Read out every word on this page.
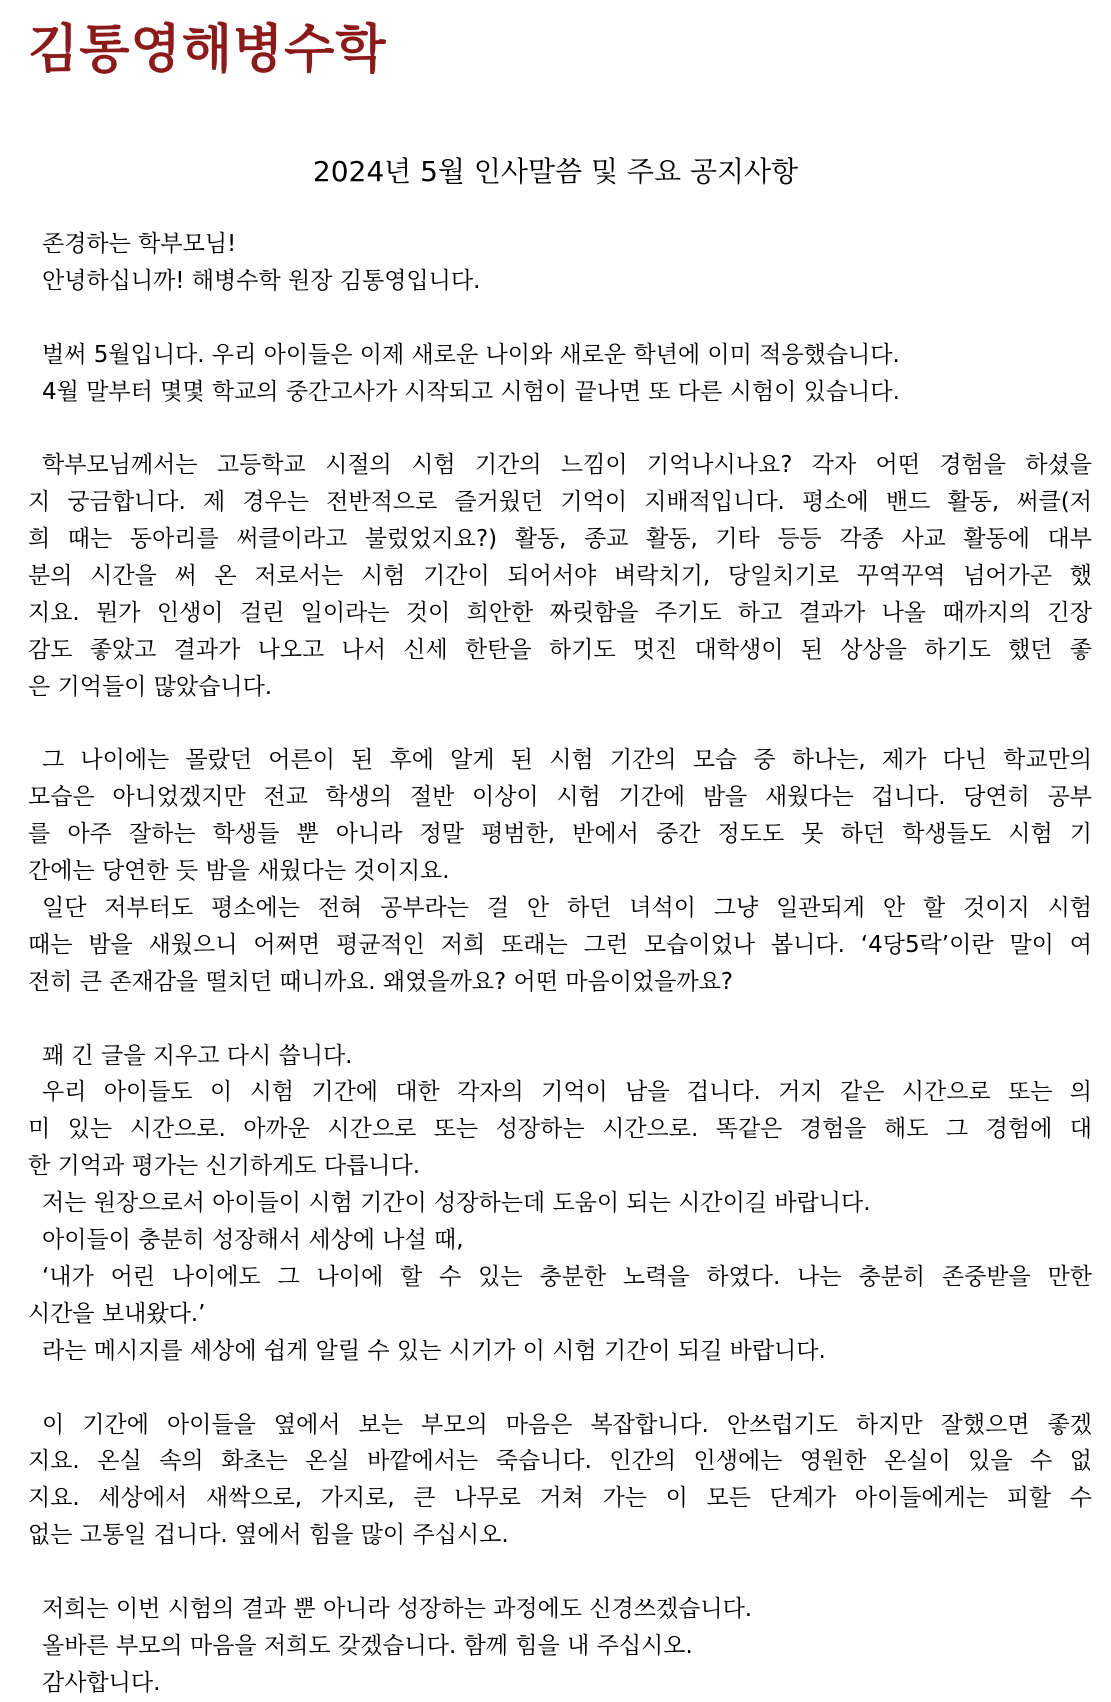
김통영해병수학
2024년 5월 인사말씀 및 주요 공지사항
존경하는 학부모님!
안녕하십니까! 해병수학 원장 김통영입니다.
벌써 5월입니다. 우리 아이들은 이제 새로운 나이와 새로운 학년에 이미 적응했습니다.
4월 말부터 몇몇 학교의 중간고사가 시작되고 시험이 끝나면 또 다른 시험이 있습니다.
학부모님께서는 고등학교 시절의 시험 기간의 느낌이 기억나시나요? 각자 어떤 경험을 하셨을
지 궁금합니다. 제 경우는 전반적으로 즐거웠던 기억이 지배적입니다. 평소에 밴드 활동, 써클(저
희 때는 동아리를 써클이라고 불렀었지요?) 활동, 종교 활동, 기타 등등 각종 사교 활동에 대부
분의 시간을 써 온 저로서는 시험 기간이 되어서야 벼락치기, 당일치기로 꾸역꾸역 넘어가곤 했
지요. 뭔가 인생이 걸린 일이라는 것이 희안한 짜릿함을 주기도 하고 결과가 나올 때까지의 긴장
감도 좋았고 결과가 나오고 나서 신세 한탄을 하기도 멋진 대학생이 된 상상을 하기도 했던 좋
은 기억들이 많았습니다.
그 나이에는 몰랐던 어른이 된 후에 알게 된 시험 기간의 모습 중 하나는, 제가 다닌 학교만의
모습은 아니었겠지만 전교 학생의 절반 이상이 시험 기간에 밤을 새웠다는 겁니다. 당연히 공부
를 아주 잘하는 학생들 뿐 아니라 정말 평범한, 반에서 중간 정도도 못 하던 학생들도 시험 기
간에는 당연한 듯 밤을 새웠다는 것이지요.
일단 저부터도 평소에는 전혀 공부라는 걸 안 하던 녀석이 그냥 일관되게 안 할 것이지 시험
때는 밤을 새웠으니 어쩌면 평균적인 저희 또래는 그런 모습이었나 봅니다. ‘4당5락’이란 말이 여
전히 큰 존재감을 떨치던 때니까요. 왜였을까요? 어떤 마음이었을까요?
꽤 긴 글을 지우고 다시 씁니다.
우리 아이들도 이 시험 기간에 대한 각자의 기억이 남을 겁니다. 거지 같은 시간으로 또는 의
미 있는 시간으로. 아까운 시간으로 또는 성장하는 시간으로. 똑같은 경험을 해도 그 경험에 대
한 기억과 평가는 신기하게도 다릅니다.
저는 원장으로서 아이들이 시험 기간이 성장하는데 도움이 되는 시간이길 바랍니다.
아이들이 충분히 성장해서 세상에 나설 때,
‘내가 어린 나이에도 그 나이에 할 수 있는 충분한 노력을 하였다. 나는 충분히 존중받을 만한
시간을 보내왔다.’
라는 메시지를 세상에 쉽게 알릴 수 있는 시기가 이 시험 기간이 되길 바랍니다.
이 기간에 아이들을 옆에서 보는 부모의 마음은 복잡합니다. 안쓰럽기도 하지만 잘했으면 좋겠
지요. 온실 속의 화초는 온실 바깥에서는 죽습니다. 인간의 인생에는 영원한 온실이 있을 수 없
지요. 세상에서 새싹으로, 가지로, 큰 나무로 거쳐 가는 이 모든 단계가 아이들에게는 피할 수
없는 고통일 겁니다. 옆에서 힘을 많이 주십시오.
저희는 이번 시험의 결과 뿐 아니라 성장하는 과정에도 신경쓰겠습니다.
올바른 부모의 마음을 저희도 갖겠습니다. 함께 힘을 내 주십시오.
감사합니다.
